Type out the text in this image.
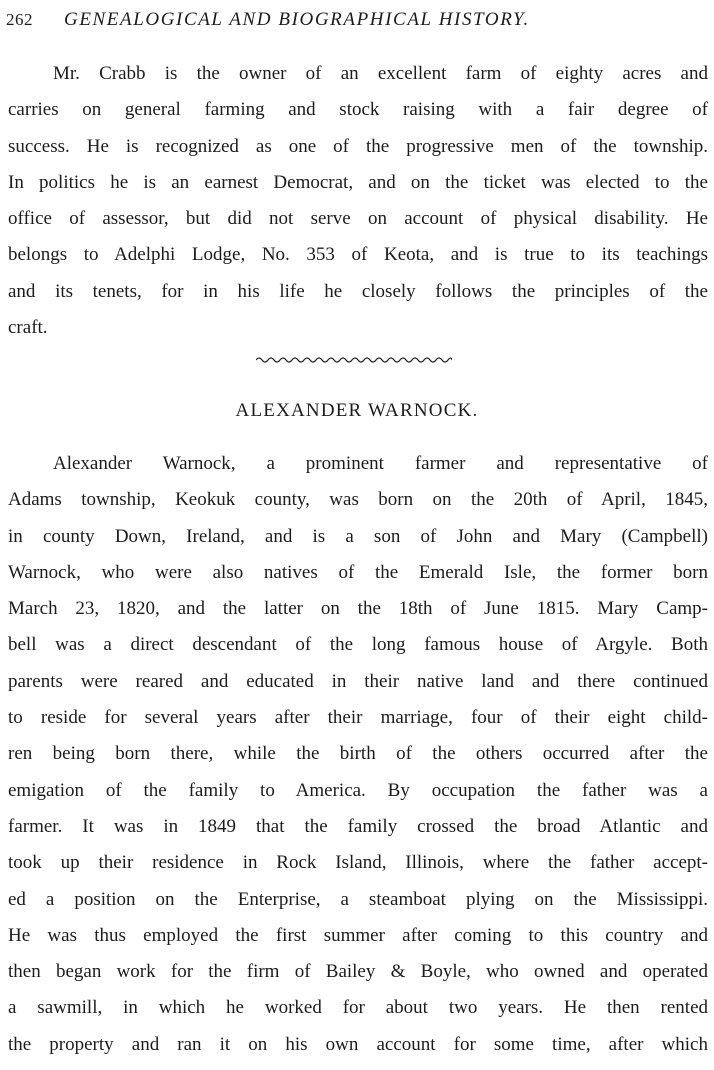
262 GENEALOGICAL AND BIOGRAPHICAL HISTORY.

Mr. Crabb is the owner of an excellent farm of eighty acres and
carries on general farming and stock raising with a fair degree of
success. He is recognized as one of the progressive men of the township.
In politics he is an earnest Democrat, and on the ticket was elected to the
office of assessor, but did not serve on account of physical disability. He
belongs to Adelphi Lodge, No. 353 of Keota, and is true to its teachings
and its tenets, for in his life he closely follows the principles of the
craft.

ALEXANDER WARNOCK.

Alexander Warnock, a prominent farmer and representative of
Adams township, Keokuk county, was born on the 20th of April, 1845,
in county Down, Ireland, and is a son of John and Mary (Campbell)
Warnock, who were also natives of the Emerald Isle, the former born
March 23, 1820, and the latter on the 18th of June 1815. Mary Camp-
bell was a direct descendant of the long famous house of Argyle. Both
parents were reared and educated in their native land and there continued
to reside for several years after their marriage, four of their eight child-
ren being born there, while the birth of the others occurred after the
emigation of the family to America. By occupation the father was a
farmer. It was in 1849 that the family crossed the broad Atlantic and
took up their residence in Rock Island, Illinois, where the father accept-
ed a position on the Enterprise, a steamboat plying on the Mississippi.
He was thus employed the first summer after coming to this country and
then began work for the firm of Bailey & Boyle, who owned and operated
a sawmill, in which he worked for about two years. He then rented
the property and ran it on his own account for some time, after which
